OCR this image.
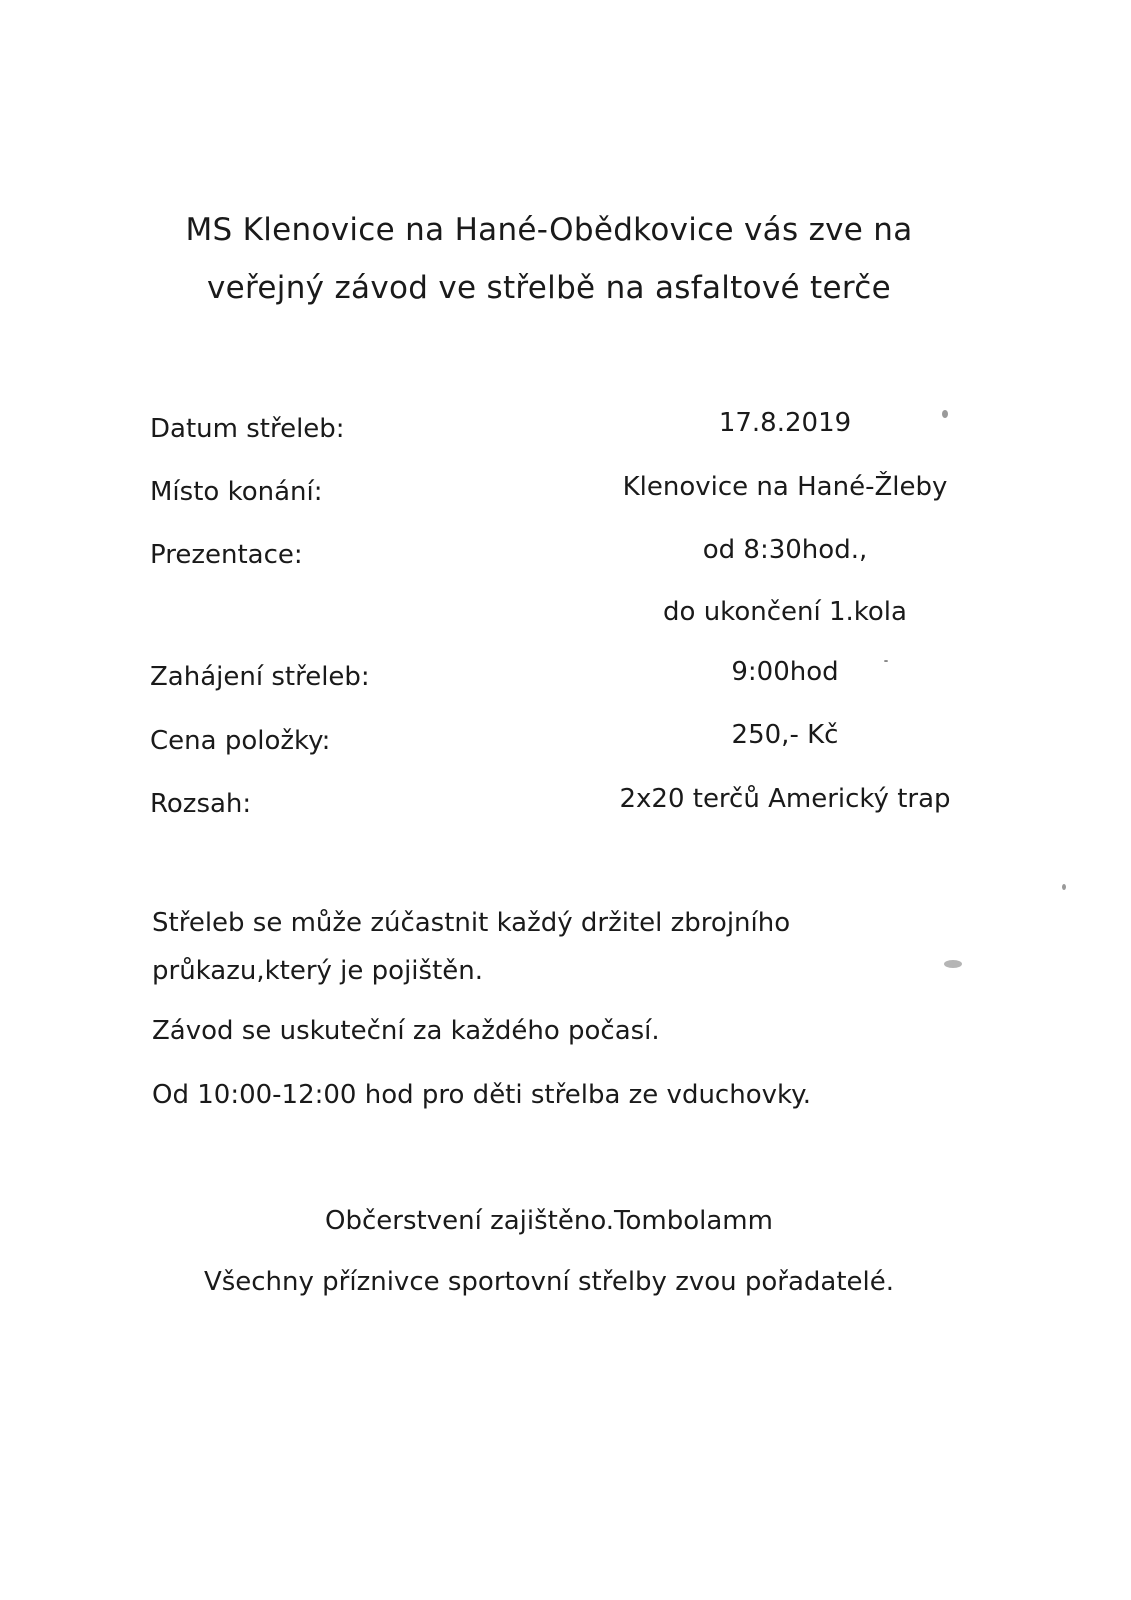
MS Klenovice na Hané-Obědkovice vás zve na
veřejný závod ve střelbě na asfaltové terče
Datum střeleb:	17.8.2019
Místo konání:	Klenovice na Hané-Žleby
Prezentace:	od 8:30hod.,
do ukončení 1.kola
Zahájení střeleb:	9:00hod
Cena položky:	250,- Kč
Rozsah:	2x20 terčů Americký trap
Střeleb se může zúčastnit každý držitel zbrojního
průkazu,který je pojištěn.
Závod se uskuteční za každého počasí.
Od 10:00-12:00 hod pro děti střelba ze vduchovky.
Občerstvení zajištěno.Tombolamm
Všechny příznivce sportovní střelby zvou pořadatelé.
